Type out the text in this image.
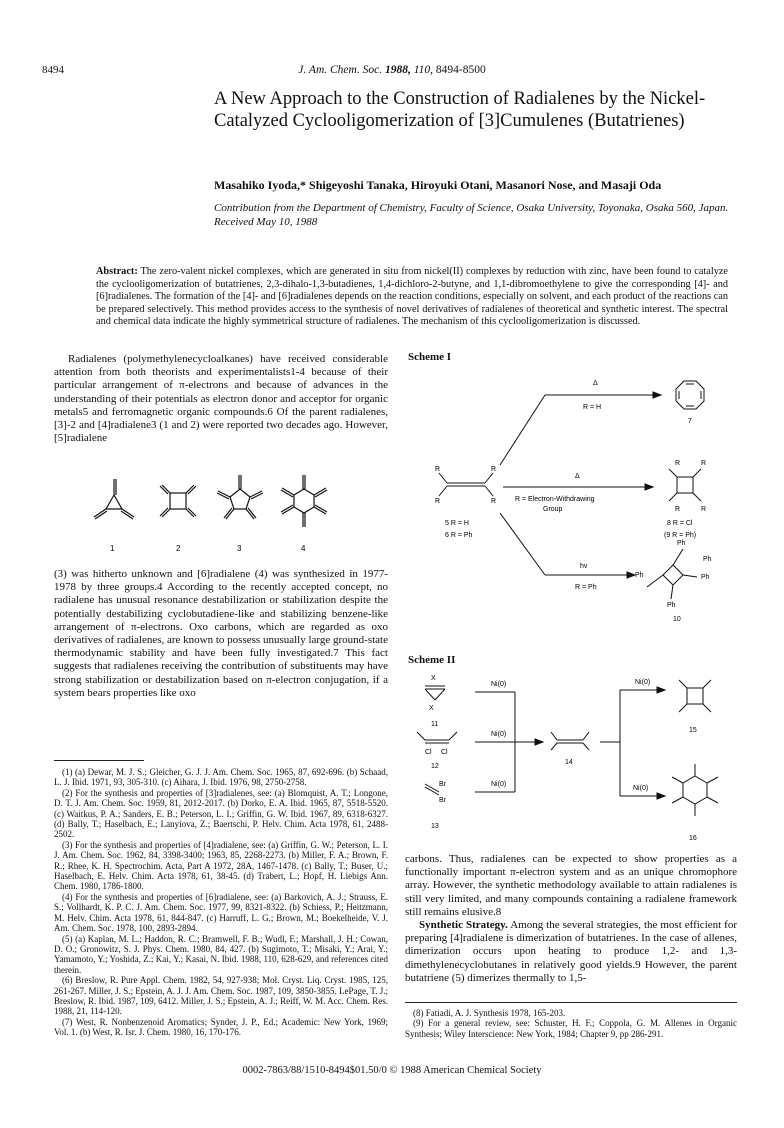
8494	J. Am. Chem. Soc. 1988, 110, 8494-8500
A New Approach to the Construction of Radialenes by the Nickel-Catalyzed Cyclooligomerization of [3]Cumulenes (Butatrienes)
Masahiko Iyoda,* Shigeyoshi Tanaka, Hiroyuki Otani, Masanori Nose, and Masaji Oda
Contribution from the Department of Chemistry, Faculty of Science, Osaka University, Toyonaka, Osaka 560, Japan. Received May 10, 1988
Abstract: The zero-valent nickel complexes, which are generated in situ from nickel(II) complexes by reduction with zinc, have been found to catalyze the cyclooligomerization of butatrienes, 2,3-dihalo-1,3-butadienes, 1,4-dichloro-2-butyne, and 1,1-dibromoethylene to give the corresponding [4]- and [6]radialenes. The formation of the [4]- and [6]radialenes depends on the reaction conditions, especially on solvent, and each product of the reactions can be prepared selectively. This method provides access to the synthesis of novel derivatives of radialenes of theoretical and synthetic interest. The spectral and chemical data indicate the highly symmetrical structure of radialenes. The mechanism of this cyclooligomerization is discussed.

Radialenes (polymethylenecycloalkanes) have received considerable attention from both theorists and experimentalists1-4 because of their particular arrangement of π-electrons and because of advances in the understanding of their potentials as electron donor and acceptor for organic metals5 and ferromagnetic organic compounds.6 Of the parent radialenes, [3]-2 and [4]radialene3 (1 and 2) were reported two decades ago. However, [5]radialene

1	2	3	4

(3) was hitherto unknown and [6]radialene (4) was synthesized in 1977-1978 by three groups.4 According to the recently accepted concept, no radialene has unusual resonance destabilization or stabilization despite the potentially destabilizing cyclobutadiene-like and stabilizing benzene-like arrangement of π-electrons. Oxo carbons, which are regarded as oxo derivatives of radialenes, are known to possess unusually large ground-state thermodynamic stability and have been fully investigated.7 This fact suggests that radialenes receiving the contribution of substituents may have strong stabilization or destabilization based on π-electron conjugation, if a system bears properties like oxo

(1) (a) Dewar, M. J. S.; Gleicher, G. J. J. Am. Chem. Soc. 1965, 87, 692-696. (b) Schaad, L. J. Ibid. 1971, 93, 305-310. (c) Aihara, J. Ibid. 1976, 98, 2750-2758.

(2) For the synthesis and properties of [3]radialenes, see: (a) Blomquist, A. T.; Longone, D. T. J. Am. Chem. Soc. 1959, 81, 2012-2017. (b) Dorko, E. A. Ibid. 1965, 87, 5518-5520. (c) Waitkus, P. A.; Sanders, E. B.; Peterson, L. I.; Griffin, G. W. Ibid. 1967, 89, 6318-6327. (d) Bally, T.; Haselbach, E.; Lanyiova, Z.; Baertschi, P. Helv. Chim. Acta 1978, 61, 2488-2502.

(3) For the synthesis and properties of [4]radialene, see: (a) Griffin, G. W.; Peterson, L. I. J. Am. Chem. Soc. 1962, 84, 3398-3400; 1963, 85, 2268-2273. (b) Miller, F. A.; Brown, F. R.; Rhee, K. H. Spectrochim. Acta, Part A 1972, 28A, 1467-1478. (c) Bally, T.; Buser, U.; Haselbach, E. Helv. Chim. Acta 1978, 61, 38-45. (d) Trabert, L.; Hopf, H. Liebigs Ann. Chem. 1980, 1786-1800.

(4) For the synthesis and properties of [6]radialene, see: (a) Barkovich, A. J.; Strauss, E. S.; Vollhardt, K. P. C. J. Am. Chem. Soc. 1977, 99, 8321-8322. (b) Schiess, P.; Heitzmann, M. Helv. Chim. Acta 1978, 61, 844-847. (c) Harruff, L. G.; Brown, M.; Boekelheide, V. J. Am. Chem. Soc. 1978, 100, 2893-2894.

(5) (a) Kaplan, M. L.; Haddon, R. C.; Bramwell, F. B.; Wudl, F.; Marshall, J. H.; Cowan, D. O.; Gronowitz, S. J. Phys. Chem. 1980, 84, 427. (b) Sugimoto, T.; Misaki, Y.; Arai, Y.; Yamamoto, Y.; Yoshida, Z.; Kai, Y.; Kasai, N. Ibid. 1988, 110, 628-629, and references cited therein.

(6) Breslow, R. Pure Appl. Chem. 1982, 54, 927-938; Mol. Cryst. Liq. Cryst. 1985, 125, 261-267. Miller, J. S.; Epstein, A. J. J. Am. Chem. Soc. 1987, 109, 3850-3855. LePage, T. J.; Breslow, R. Ibid. 1987, 109, 6412. Miller, J. S.; Epstein, A. J.; Reiff, W. M. Acc. Chem. Res. 1988, 21, 114-120.

(7) West, R. Nonbenzenoid Aromatics; Synder, J. P., Ed.; Academic: New York, 1969; Vol. 1. (b) West, R. Isr. J. Chem. 1980, 16, 170-176.

Scheme I
Δ
R = H
Δ
R = Electron-Withdrawing
Group
hν
R = Ph
R	R
R	R
5 R = H
6 R = Ph
7
R	R
R	R
8 R = Cl
(9 R = Ph)
Ph
Ph
Ph	Ph
Ph
10
Scheme II
Ni(0)
Ni(0)
Ni(0)
Ni(0)
Ni(0)
X
X
11
Cl Cl
12
Br
Br
13
14
15
16

carbons. Thus, radialenes can be expected to show properties as a functionally important π-electron system and as an unique chromophore array. However, the synthetic methodology available to attain radialenes is still very limited, and many compounds containing a radialene framework still remains elusive.8

Synthetic Strategy. Among the several strategies, the most efficient for preparing [4]radialene is dimerization of butatrienes. In the case of allenes, dimerization occurs upon heating to produce 1,2- and 1,3-dimethylenecyclobutanes in relatively good yields.9 However, the parent butatriene (5) dimerizes thermally to 1,5-

(8) Fatiadi, A. J. Synthesis 1978, 165-203.

(9) For a general review, see: Schuster, H. F.; Coppola, G. M. Allenes in Organic Synthesis; Wiley Interscience: New York, 1984; Chapter 9, pp 286-291.

0002-7863/88/1510-8494$01.50/0 © 1988 American Chemical Society
